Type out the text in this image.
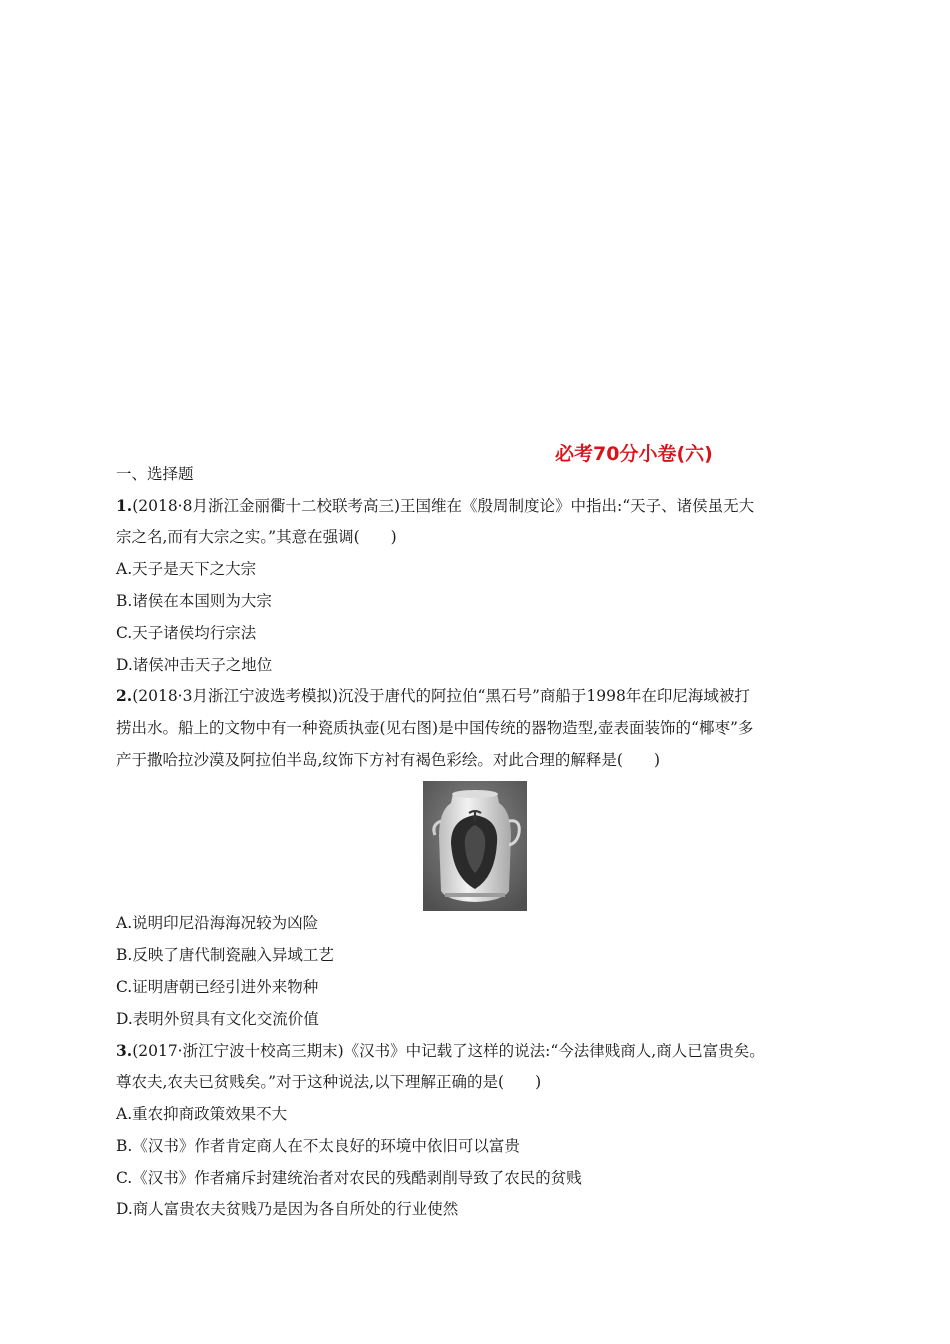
必考70分小卷(六)
一、选择题
1.(2018·8月浙江金丽衢十二校联考高三)王国维在《殷周制度论》中指出:“天子、诸侯虽无大
宗之名,而有大宗之实。”其意在强调(　　)
A.天子是天下之大宗
B.诸侯在本国则为大宗
C.天子诸侯均行宗法
D.诸侯冲击天子之地位
2.(2018·3月浙江宁波选考模拟)沉没于唐代的阿拉伯“黑石号”商船于1998年在印尼海域被打
捞出水。船上的文物中有一种瓷质执壶(见右图)是中国传统的器物造型,壶表面装饰的“椰枣”多
产于撒哈拉沙漠及阿拉伯半岛,纹饰下方衬有褐色彩绘。对此合理的解释是(　　)
A.说明印尼沿海海况较为凶险
B.反映了唐代制瓷融入异域工艺
C.证明唐朝已经引进外来物种
D.表明外贸具有文化交流价值
3.(2017·浙江宁波十校高三期末)《汉书》中记载了这样的说法:“今法律贱商人,商人已富贵矣。
尊农夫,农夫已贫贱矣。”对于这种说法,以下理解正确的是(　　)
A.重农抑商政策效果不大
B.《汉书》作者肯定商人在不太良好的环境中依旧可以富贵
C.《汉书》作者痛斥封建统治者对农民的残酷剥削导致了农民的贫贱
D.商人富贵农夫贫贱乃是因为各自所处的行业使然
